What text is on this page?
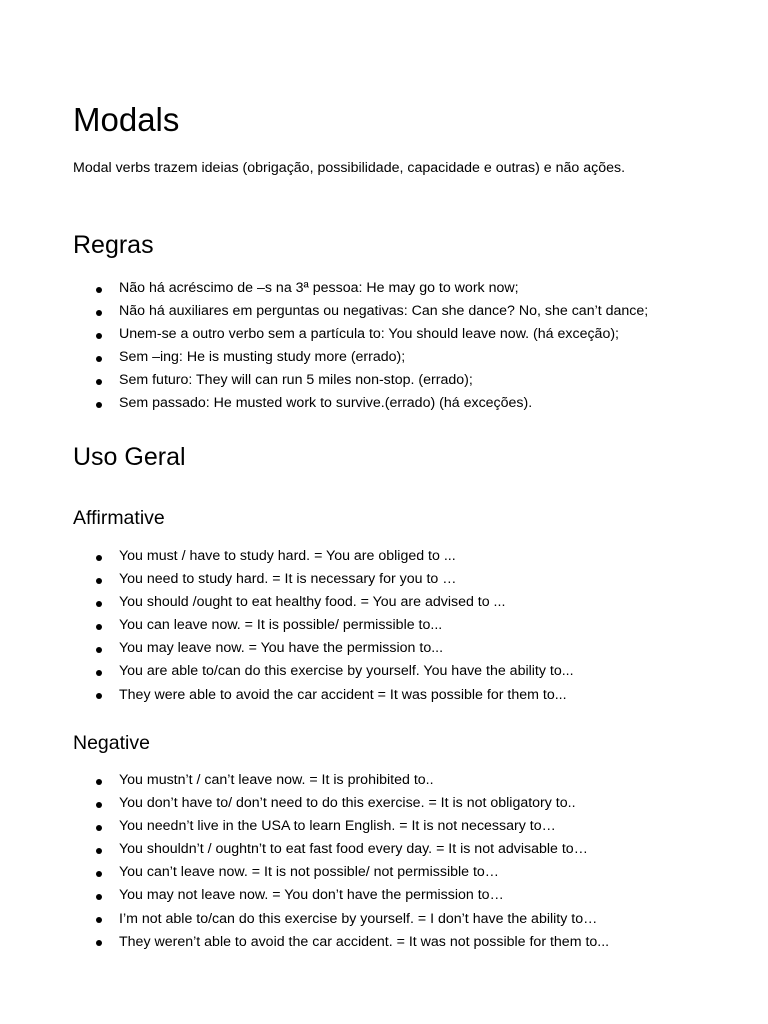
Modals

Modal verbs trazem ideias (obrigação, possibilidade, capacidade e outras) e não ações.

Regras
Não há acréscimo de –s na 3ª pessoa: He may go to work now;
Não há auxiliares em perguntas ou negativas: Can she dance? No, she can’t dance;
Unem-se a outro verbo sem a partícula to: You should leave now. (há exceção);
Sem –ing: He is musting study more (errado);
Sem futuro: They will can run 5 miles non-stop. (errado);
Sem passado: He musted work to survive.(errado) (há exceções).
Uso Geral
Affirmative
You must / have to study hard. = You are obliged to ...
You need to study hard. = It is necessary for you to …
You should /ought to eat healthy food. = You are advised to ...
You can leave now. = It is possible/ permissible to...
You may leave now. = You have the permission to...
You are able to/can do this exercise by yourself. You have the ability to...
They were able to avoid the car accident = It was possible for them to...
Negative
You mustn’t / can’t leave now. = It is prohibited to..
You don’t have to/ don’t need to do this exercise. = It is not obligatory to..
You needn’t live in the USA to learn English. = It is not necessary to…
You shouldn’t / oughtn’t to eat fast food every day. = It is not advisable to…
You can’t leave now. = It is not possible/ not permissible to…
You may not leave now. = You don’t have the permission to…
I’m not able to/can do this exercise by yourself. = I don’t have the ability to…
They weren’t able to avoid the car accident. = It was not possible for them to...
